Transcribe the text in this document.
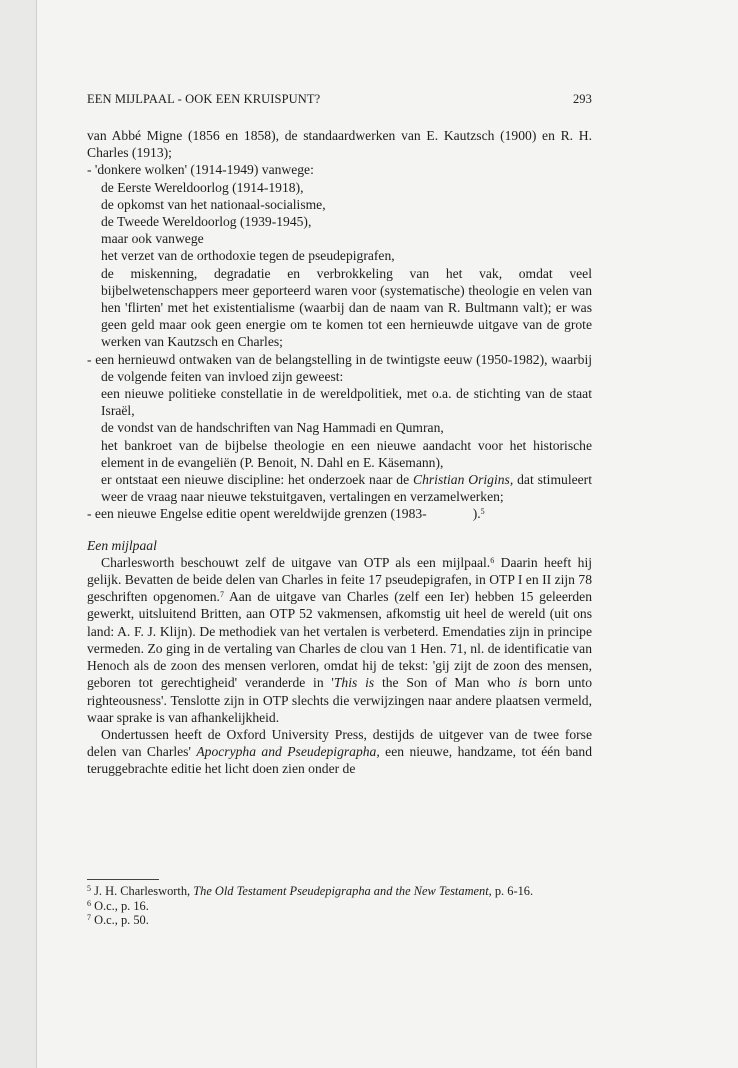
EEN MIJLPAAL - OOK EEN KRUISPUNT?	293

van Abbé Migne (1856 en 1858), de standaardwerken van E. Kautzsch (1900) en R. H. Charles (1913);

- 'donkere wolken' (1914-1949) vanwege:

de Eerste Wereldoorlog (1914-1918),

de opkomst van het nationaal-socialisme,

de Tweede Wereldoorlog (1939-1945),

maar ook vanwege

het verzet van de orthodoxie tegen de pseudepigrafen,

de miskenning, degradatie en verbrokkeling van het vak, omdat veel bijbelwetenschappers meer geporteerd waren voor (systematische) theologie en velen van hen 'flirten' met het existentialisme (waarbij dan de naam van R. Bultmann valt); er was geen geld maar ook geen energie om te komen tot een hernieuwde uitgave van de grote werken van Kautzsch en Charles;

- een hernieuwd ontwaken van de belangstelling in de twintigste eeuw (1950-1982), waarbij de volgende feiten van invloed zijn geweest:

een nieuwe politieke constellatie in de wereldpolitiek, met o.a. de stichting van de staat Israël,

de vondst van de handschriften van Nag Hammadi en Qumran,

het bankroet van de bijbelse theologie en een nieuwe aandacht voor het historische element in de evangeliën (P. Benoit, N. Dahl en E. Käsemann),

er ontstaat een nieuwe discipline: het onderzoek naar de Christian Origins, dat stimuleert weer de vraag naar nieuwe tekstuitgaven, vertalingen en verzamelwerken;

- een nieuwe Engelse editie opent wereldwijde grenzen (1983-	).$^5$

Een mijlpaal

Charlesworth beschouwt zelf de uitgave van OTP als een mijlpaal.$^6$ Daarin heeft hij gelijk. Bevatten de beide delen van Charles in feite 17 pseudepigrafen, in OTP I en II zijn 78 geschriften opgenomen.$^7$ Aan de uitgave van Charles (zelf een Ier) hebben 15 geleerden gewerkt, uitsluitend Britten, aan OTP 52 vakmensen, afkomstig uit heel de wereld (uit ons land: A. F. J. Klijn). De methodiek van het vertalen is verbeterd. Emendaties zijn in principe vermeden. Zo ging in de vertaling van Charles de clou van 1 Hen. 71, nl. de identificatie van Henoch als de zoon des mensen verloren, omdat hij de tekst: 'gij zijt de zoon des mensen, geboren tot gerechtigheid' veranderde in 'This is the Son of Man who is born unto righteousness'. Tenslotte zijn in OTP slechts die verwijzingen naar andere plaatsen vermeld, waar sprake is van afhankelijkheid.

Ondertussen heeft de Oxford University Press, destijds de uitgever van de twee forse delen van Charles' Apocrypha and Pseudepigrapha, een nieuwe, handzame, tot één band teruggebrachte editie het licht doen zien onder de

$^5$ J. H. Charlesworth, The Old Testament Pseudepigrapha and the New Testament, p. 6-16.

$^6$ O.c., p. 16.

$^7$ O.c., p. 50.
